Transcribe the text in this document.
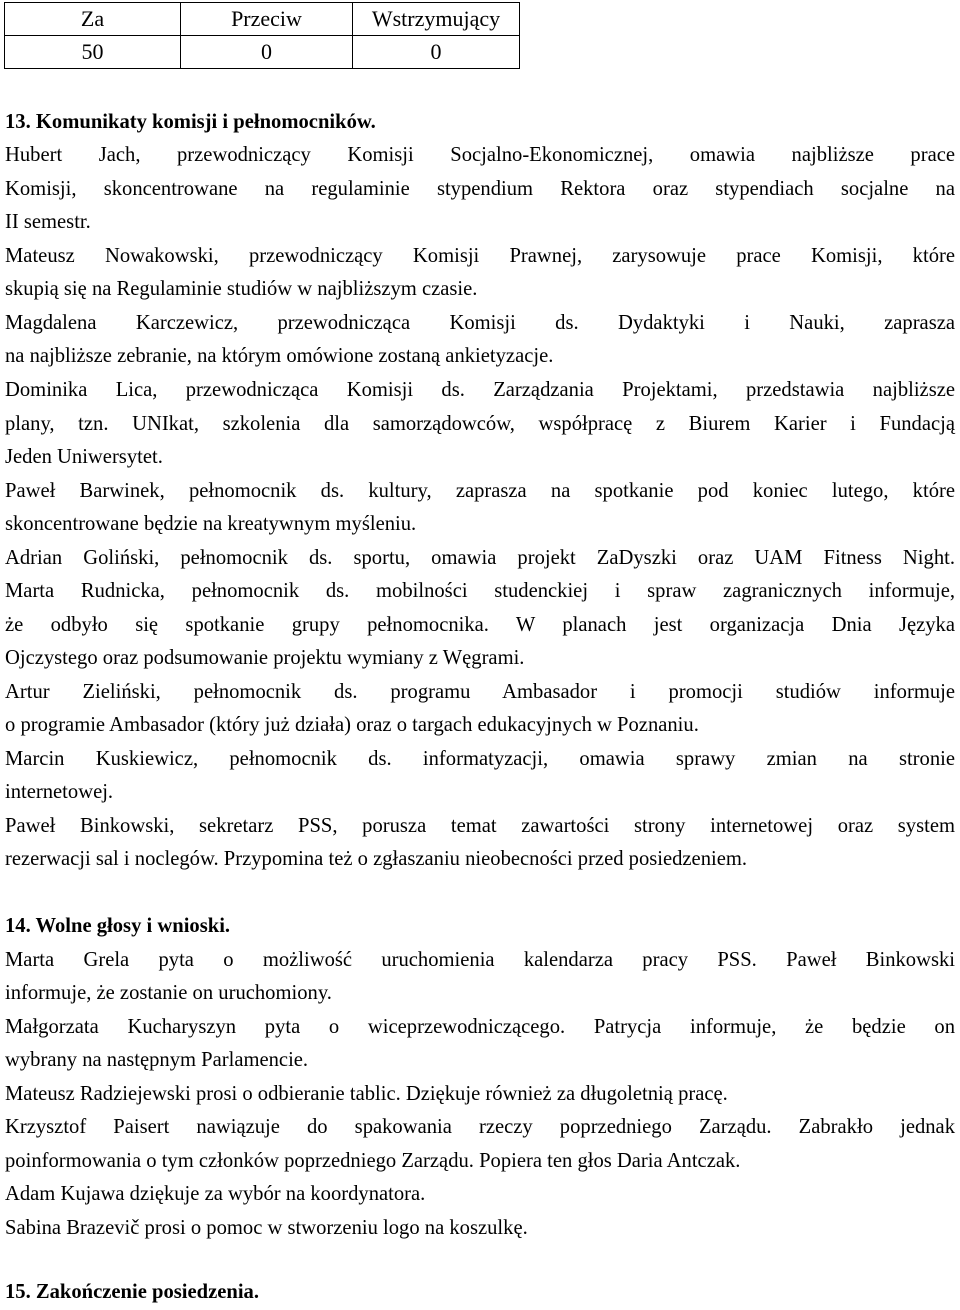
Za	Przeciw	Wstrzymujący
50	0	0
13. Komunikaty komisji i pełnomocników.
Hubert Jach, przewodniczący Komisji Socjalno-Ekonomicznej, omawia najbliższe prace
Komisji, skoncentrowane na regulaminie stypendium Rektora oraz stypendiach socjalne na
II semestr.
Mateusz Nowakowski, przewodniczący Komisji Prawnej, zarysowuje prace Komisji, które
skupią się na Regulaminie studiów w najbliższym czasie.
Magdalena Karczewicz, przewodnicząca Komisji ds. Dydaktyki i Nauki, zaprasza
na najbliższe zebranie, na którym omówione zostaną ankietyzacje.
Dominika Lica, przewodnicząca Komisji ds. Zarządzania Projektami, przedstawia najbliższe
plany, tzn. UNIkat, szkolenia dla samorządowców, współpracę z Biurem Karier i Fundacją
Jeden Uniwersytet.
Paweł Barwinek, pełnomocnik ds. kultury, zaprasza na spotkanie pod koniec lutego, które
skoncentrowane będzie na kreatywnym myśleniu.
Adrian Goliński, pełnomocnik ds. sportu, omawia projekt ZaDyszki oraz UAM Fitness Night.
Marta Rudnicka, pełnomocnik ds. mobilności studenckiej i spraw zagranicznych informuje,
że odbyło się spotkanie grupy pełnomocnika. W planach jest organizacja Dnia Języka
Ojczystego oraz podsumowanie projektu wymiany z Węgrami.
Artur Zieliński, pełnomocnik ds. programu Ambasador i promocji studiów informuje
o programie Ambasador (który już działa) oraz o targach edukacyjnych w Poznaniu.
Marcin Kuskiewicz, pełnomocnik ds. informatyzacji, omawia sprawy zmian na stronie
internetowej.
Paweł Binkowski, sekretarz PSS, porusza temat zawartości strony internetowej oraz system
rezerwacji sal i noclegów. Przypomina też o zgłaszaniu nieobecności przed posiedzeniem.
14. Wolne głosy i wnioski.
Marta Grela pyta o możliwość uruchomienia kalendarza pracy PSS. Paweł Binkowski
informuje, że zostanie on uruchomiony.
Małgorzata Kucharyszyn pyta o wiceprzewodniczącego. Patrycja informuje, że będzie on
wybrany na następnym Parlamencie.
Mateusz Radziejewski prosi o odbieranie tablic. Dziękuje również za długoletnią pracę.
Krzysztof Paisert nawiązuje do spakowania rzeczy poprzedniego Zarządu. Zabrakło jednak
poinformowania o tym członków poprzedniego Zarządu. Popiera ten głos Daria Antczak.
Adam Kujawa dziękuje za wybór na koordynatora.
Sabina Brazevič prosi o pomoc w stworzeniu logo na koszulkę.
15. Zakończenie posiedzenia.
